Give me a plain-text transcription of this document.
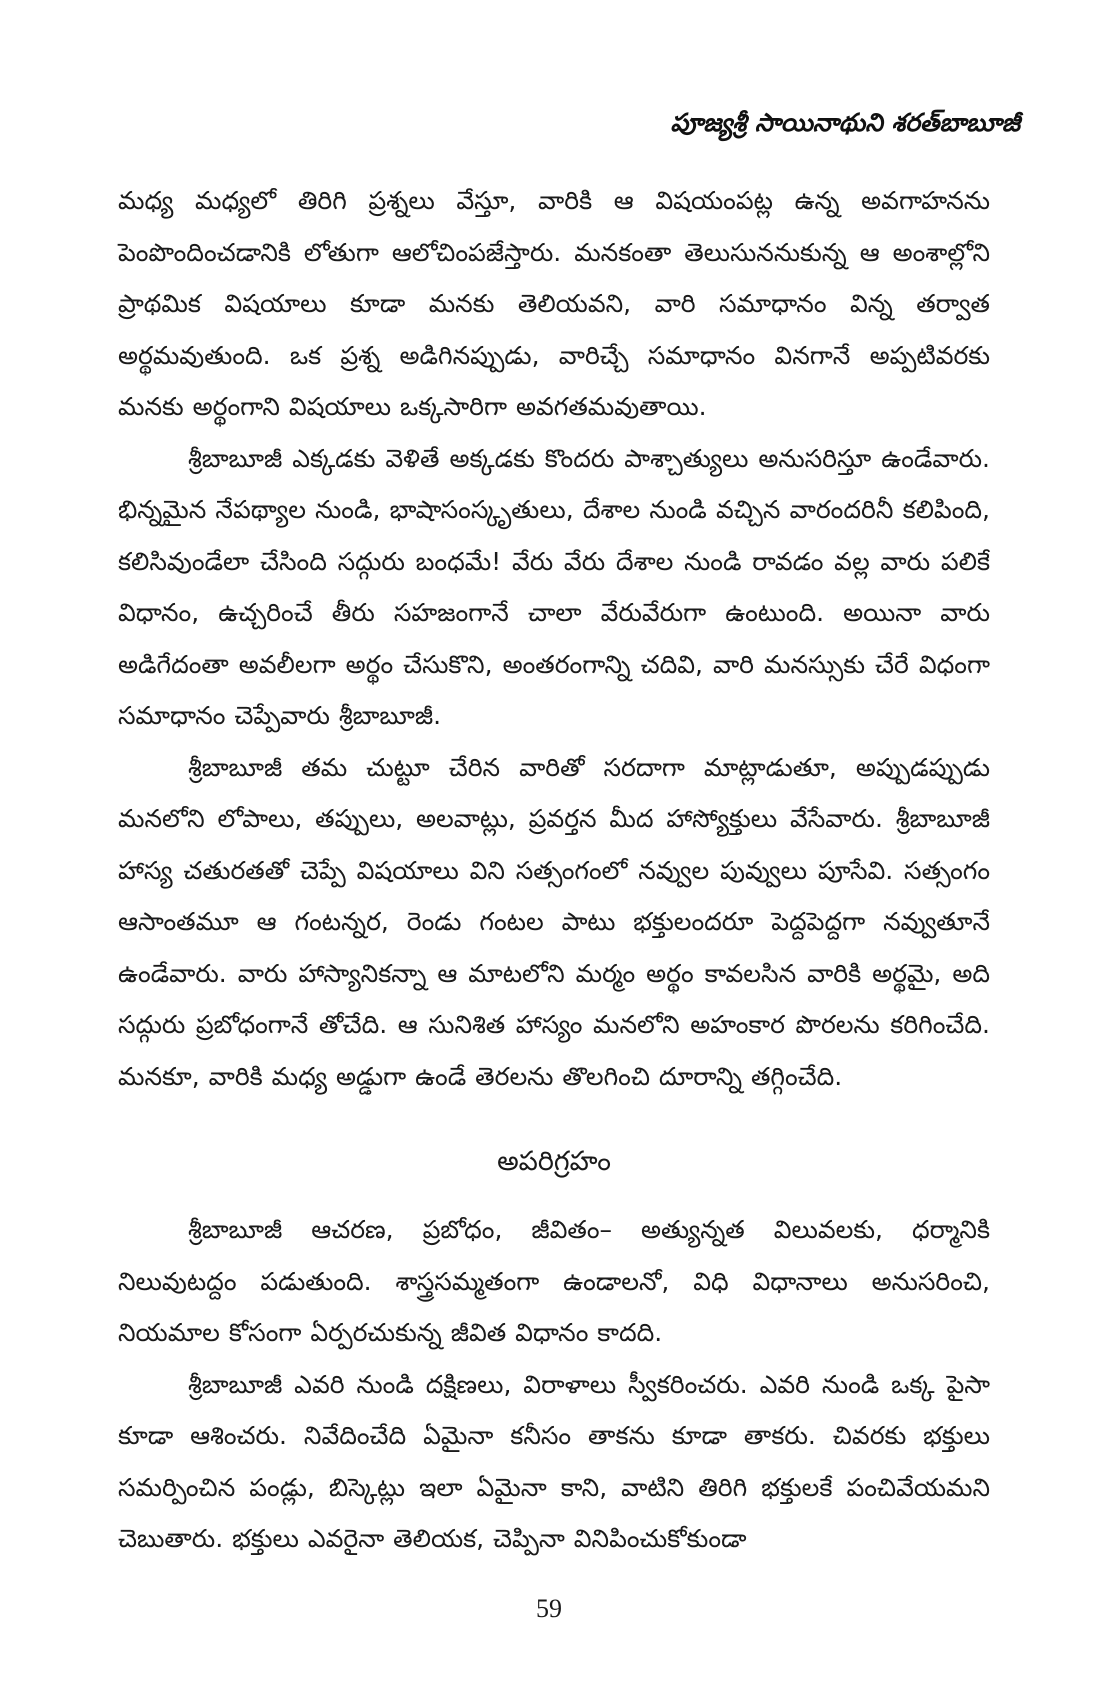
పూజ్యశ్రీ సాయినాథుని శరత్‌బాబూజీ

మధ్య మధ్యలో తిరిగి ప్రశ్నలు వేస్తూ, వారికి ఆ విషయంపట్ల ఉన్న అవగాహనను పెంపొందించడానికి లోతుగా ఆలోచింపజేస్తారు. మనకంతా తెలుసుననుకున్న ఆ అంశాల్లోని ప్రాథమిక విషయాలు కూడా మనకు తెలియవని, వారి సమాధానం విన్న తర్వాత అర్థమవుతుంది. ఒక ప్రశ్న అడిగినప్పుడు, వారిచ్చే సమాధానం వినగానే అప్పటివరకు మనకు అర్థంగాని విషయాలు ఒక్కసారిగా అవగతమవుతాయి.

శ్రీబాబూజీ ఎక్కడకు వెళితే అక్కడకు కొందరు పాశ్చాత్యులు అనుసరిస్తూ ఉండేవారు. భిన్నమైన నేపథ్యాల నుండి, భాషాసంస్కృతులు, దేశాల నుండి వచ్చిన వారందరినీ కలిపింది, కలిసివుండేలా చేసింది సద్గురు బంధమే! వేరు వేరు దేశాల నుండి రావడం వల్ల వారు పలికే విధానం, ఉచ్చరించే తీరు సహజంగానే చాలా వేరువేరుగా ఉంటుంది. అయినా వారు అడిగేదంతా అవలీలగా అర్థం చేసుకొని, అంతరంగాన్ని చదివి, వారి మనస్సుకు చేరే విధంగా సమాధానం చెప్పేవారు శ్రీబాబూజీ.

శ్రీబాబూజీ తమ చుట్టూ చేరిన వారితో సరదాగా మాట్లాడుతూ, అప్పుడప్పుడు మనలోని లోపాలు, తప్పులు, అలవాట్లు, ప్రవర్తన మీద హాస్యోక్తులు వేసేవారు. శ్రీబాబూజీ హాస్య చతురతతో చెప్పే విషయాలు విని సత్సంగంలో నవ్వుల పువ్వులు పూసేవి. సత్సంగం ఆసాంతమూ ఆ గంటన్నర, రెండు గంటల పాటు భక్తులందరూ పెద్దపెద్దగా నవ్వుతూనే ఉండేవారు. వారు హాస్యానికన్నా ఆ మాటలోని మర్మం అర్థం కావలసిన వారికి అర్థమై, అది సద్గురు ప్రబోధంగానే తోచేది. ఆ సునిశిత హాస్యం మనలోని అహంకార పొరలను కరిగించేది. మనకూ, వారికి మధ్య అడ్డుగా ఉండే తెరలను తొలగించి దూరాన్ని తగ్గించేది.

అపరిగ్రహం

శ్రీబాబూజీ ఆచరణ, ప్రబోధం, జీవితం– అత్యున్నత విలువలకు, ధర్మానికి నిలువుటద్దం పడుతుంది. శాస్త్రసమ్మతంగా ఉండాలనో, విధి విధానాలు అనుసరించి, నియమాల కోసంగా ఏర్పరచుకున్న జీవిత విధానం కాదది.

శ్రీబాబూజీ ఎవరి నుండి దక్షిణలు, విరాళాలు స్వీకరించరు. ఎవరి నుండి ఒక్క పైసా కూడా ఆశించరు. నివేదించేది ఏమైనా కనీసం తాకను కూడా తాకరు. చివరకు భక్తులు సమర్పించిన పండ్లు, బిస్కెట్లు ఇలా ఏమైనా కాని, వాటిని తిరిగి భక్తులకే పంచివేయమని చెబుతారు. భక్తులు ఎవరైనా తెలియక, చెప్పినా వినిపించుకోకుండా

59
